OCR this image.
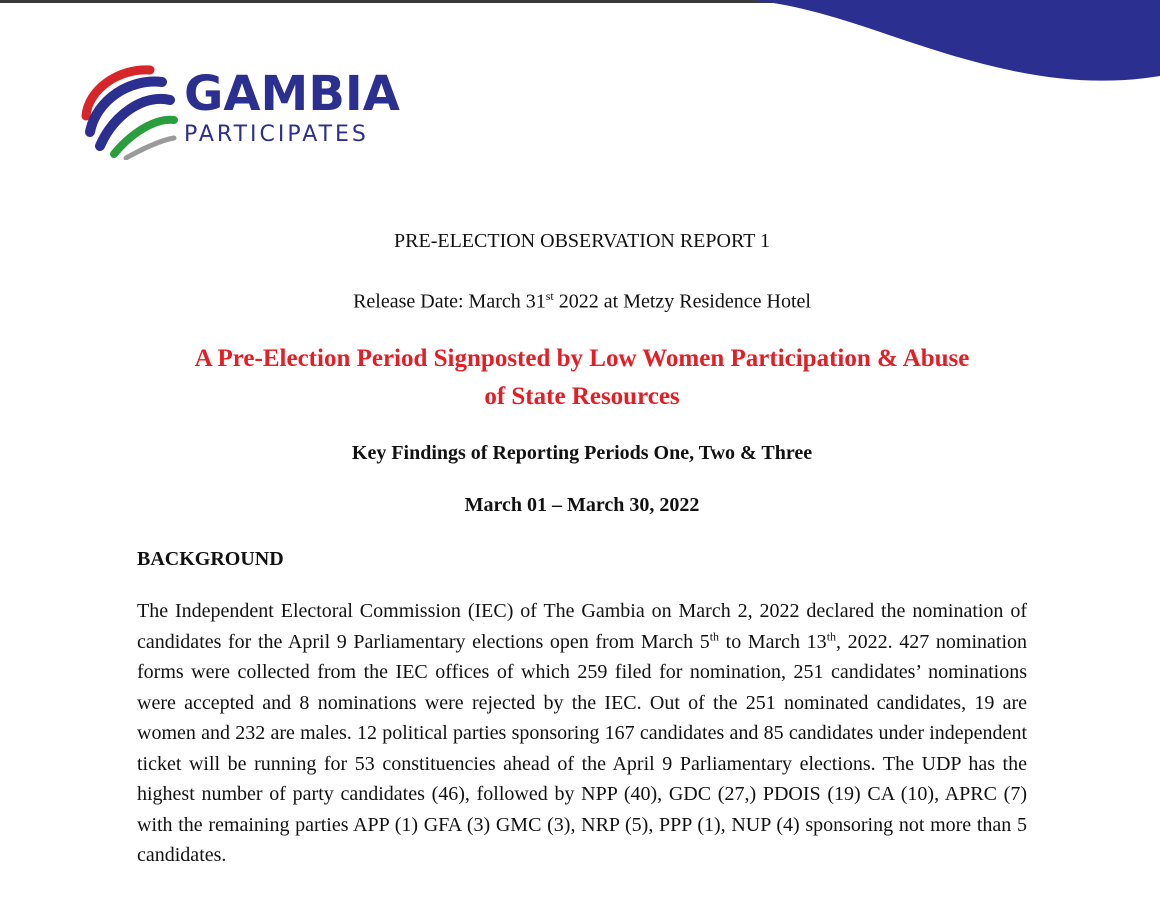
GAMBIA
PARTICIPATES
PRE-ELECTION OBSERVATION REPORT 1
Release Date: March 31st 2022 at Metzy Residence Hotel
A Pre-Election Period Signposted by Low Women Participation & Abuse
of State Resources
Key Findings of Reporting Periods One, Two & Three
March 01 – March 30, 2022
BACKGROUND
The Independent Electoral Commission (IEC) of The Gambia on March 2, 2022 declared the nomination of candidates for the April 9 Parliamentary elections open from March 5th to March 13th, 2022. 427 nomination forms were collected from the IEC offices of which 259 filed for nomination, 251 candidates’ nominations were accepted and 8 nominations were rejected by the IEC. Out of the 251 nominated candidates, 19 are women and 232 are males. 12 political parties sponsoring 167 candidates and 85 candidates under independent ticket will be running for 53 constituencies ahead of the April 9 Parliamentary elections. The UDP has the highest number of party candidates (46), followed by NPP (40), GDC (27,) PDOIS (19) CA (10), APRC (7) with the remaining parties APP (1) GFA (3) GMC (3), NRP (5), PPP (1), NUP (4) sponsoring not more than 5 candidates.
